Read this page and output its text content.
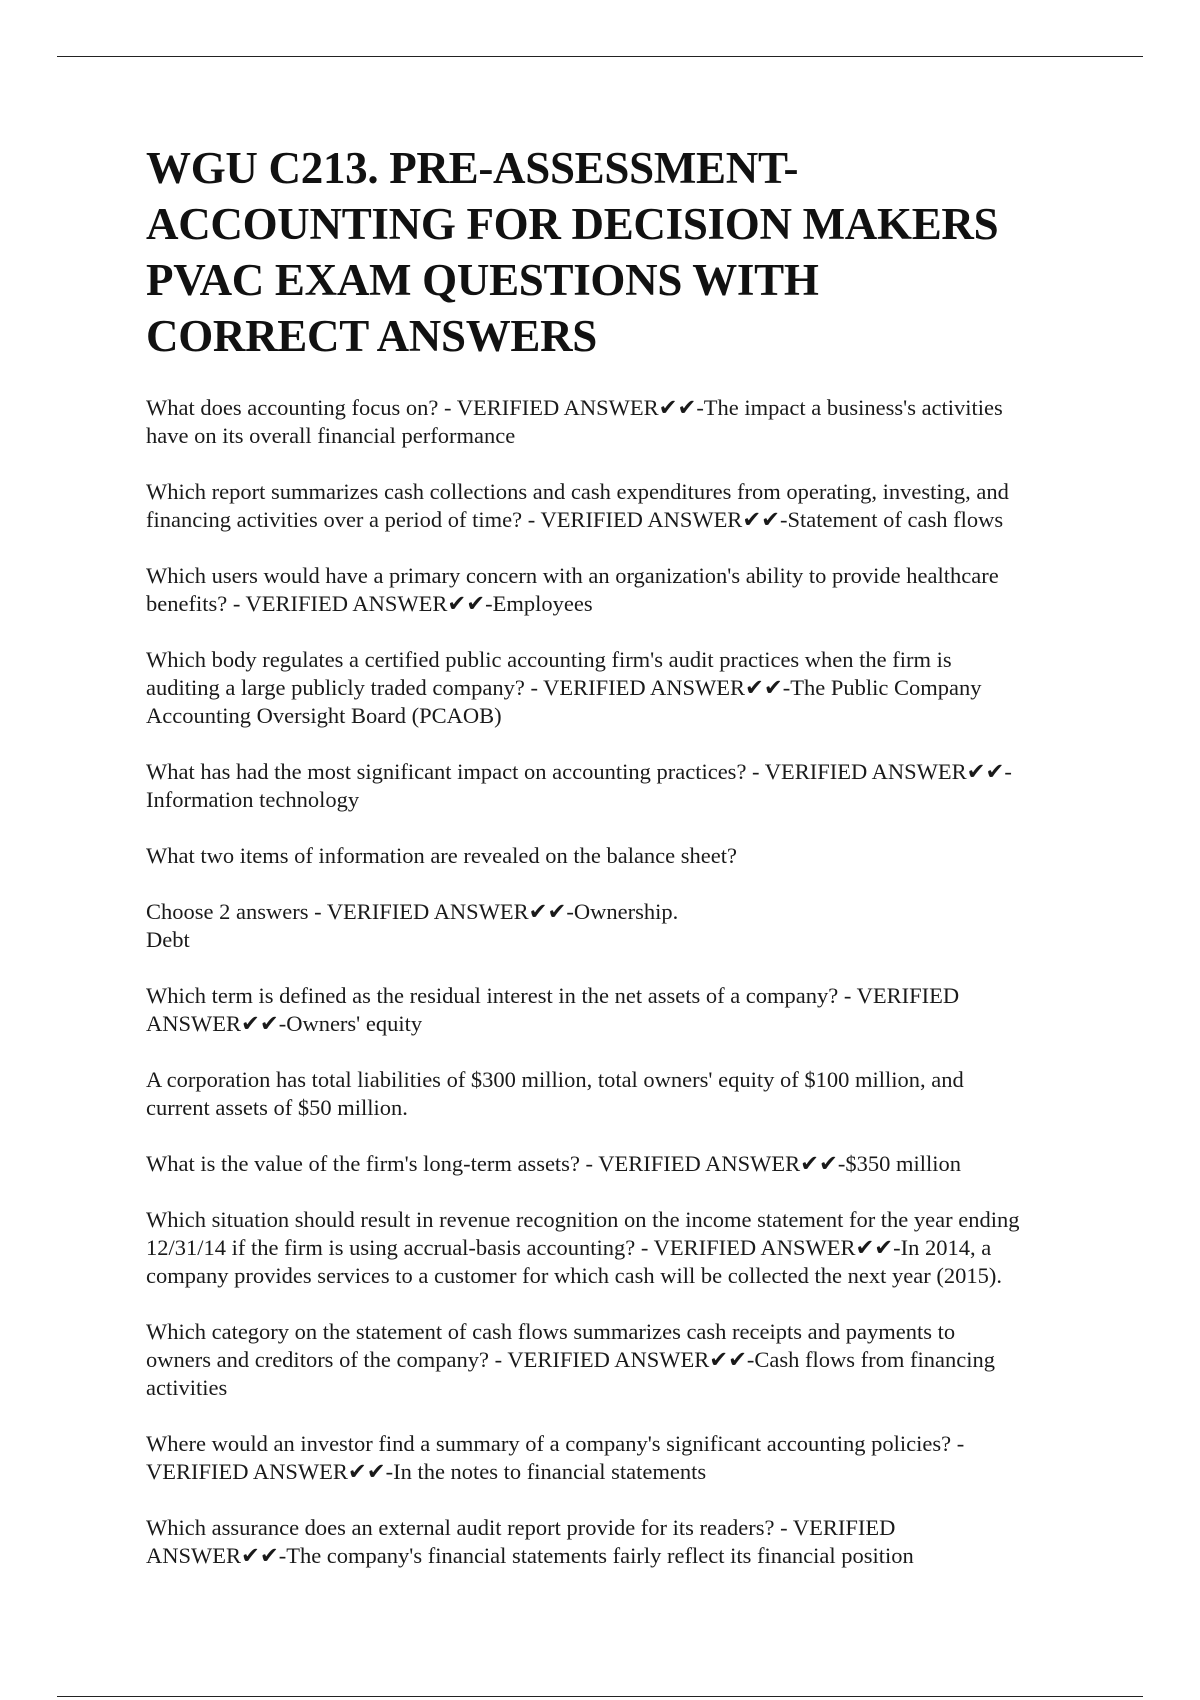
WGU C213. PRE-ASSESSMENT-
ACCOUNTING FOR DECISION MAKERS
PVAC EXAM QUESTIONS WITH
CORRECT ANSWERS

What does accounting focus on? - VERIFIED ANSWER✔✔-The impact a business's activities
have on its overall financial performance

Which report summarizes cash collections and cash expenditures from operating, investing, and
financing activities over a period of time? - VERIFIED ANSWER✔✔-Statement of cash flows

Which users would have a primary concern with an organization's ability to provide healthcare
benefits? - VERIFIED ANSWER✔✔-Employees

Which body regulates a certified public accounting firm's audit practices when the firm is
auditing a large publicly traded company? - VERIFIED ANSWER✔✔-The Public Company
Accounting Oversight Board (PCAOB)

What has had the most significant impact on accounting practices? - VERIFIED ANSWER✔✔-
Information technology

What two items of information are revealed on the balance sheet?

Choose 2 answers - VERIFIED ANSWER✔✔-Ownership.
Debt

Which term is defined as the residual interest in the net assets of a company? - VERIFIED
ANSWER✔✔-Owners' equity

A corporation has total liabilities of $300 million, total owners' equity of $100 million, and
current assets of $50 million.

What is the value of the firm's long-term assets? - VERIFIED ANSWER✔✔-$350 million

Which situation should result in revenue recognition on the income statement for the year ending
12/31/14 if the firm is using accrual-basis accounting? - VERIFIED ANSWER✔✔-In 2014, a
company provides services to a customer for which cash will be collected the next year (2015).

Which category on the statement of cash flows summarizes cash receipts and payments to
owners and creditors of the company? - VERIFIED ANSWER✔✔-Cash flows from financing
activities

Where would an investor find a summary of a company's significant accounting policies? -
VERIFIED ANSWER✔✔-In the notes to financial statements

Which assurance does an external audit report provide for its readers? - VERIFIED
ANSWER✔✔-The company's financial statements fairly reflect its financial position
